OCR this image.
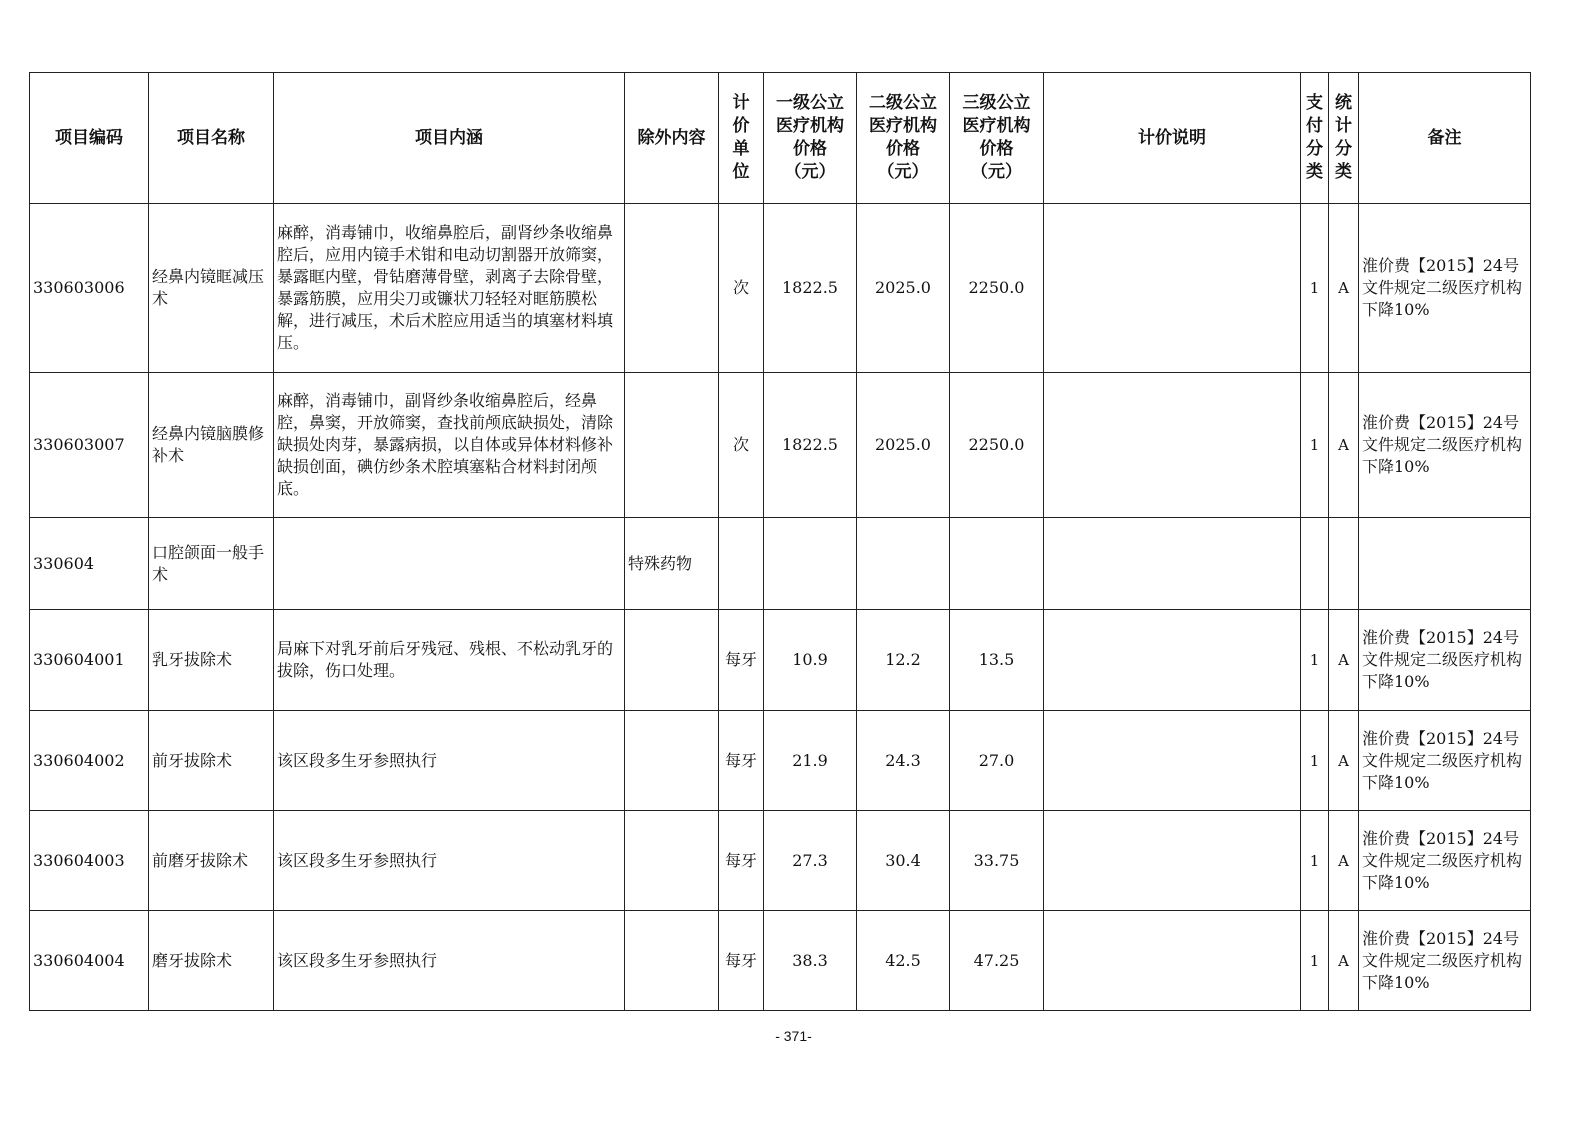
项目编码	项目名称	项目内涵	除外内容	计价单位	一级公立医疗机构价格（元）	二级公立医疗机构价格（元）	三级公立医疗机构价格（元）	计价说明	支付分类	统计分类	备注
330603006	经鼻内镜眶减压术	麻醉，消毒铺巾，收缩鼻腔后，副肾纱条收缩鼻腔后，应用内镜手术钳和电动切割器开放筛窦，暴露眶内壁，骨钻磨薄骨壁，剥离子去除骨壁，暴露筋膜，应用尖刀或镰状刀轻轻对眶筋膜松解，进行减压，术后术腔应用适当的填塞材料填压。		次	1822.5	2025.0	2250.0		1	A	淮价费【2015】24号文件规定二级医疗机构下降10%
330603007	经鼻内镜脑膜修补术	麻醉，消毒铺巾，副肾纱条收缩鼻腔后，经鼻腔，鼻窦，开放筛窦，查找前颅底缺损处，清除缺损处肉芽，暴露病损，以自体或异体材料修补缺损创面，碘仿纱条术腔填塞粘合材料封闭颅底。		次	1822.5	2025.0	2250.0		1	A	淮价费【2015】24号文件规定二级医疗机构下降10%
330604	口腔颌面一般手术		特殊药物								
330604001	乳牙拔除术	局麻下对乳牙前后牙残冠、残根、不松动乳牙的拔除，伤口处理。		每牙	10.9	12.2	13.5		1	A	淮价费【2015】24号文件规定二级医疗机构下降10%
330604002	前牙拔除术	该区段多生牙参照执行		每牙	21.9	24.3	27.0		1	A	淮价费【2015】24号文件规定二级医疗机构下降10%
330604003	前磨牙拔除术	该区段多生牙参照执行		每牙	27.3	30.4	33.75		1	A	淮价费【2015】24号文件规定二级医疗机构下降10%
330604004	磨牙拔除术	该区段多生牙参照执行		每牙	38.3	42.5	47.25		1	A	淮价费【2015】24号文件规定二级医疗机构下降10%
- 371-
